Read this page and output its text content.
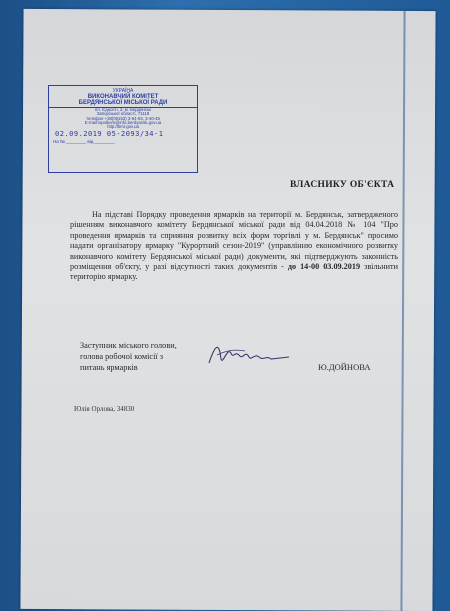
УКРАЇНА
ВИКОНАВЧИЙ КОМІТЕТ
БЕРДЯНСЬКОЇ МІСЬКОЇ РАДИ
пл. Єдності, 2, м. Бердянськ
Запорізької області, 71118
телефон +38(06153) 3-64-83, 3-40-45
E-mail:ispolkom@info.berdyansk.gov.ua
http://bmr.gov.ua
02.09.2019 05-2093/34-1
На № ________ від ________
ВЛАСНИКУ ОБ'ЄКТА
На підставі Порядку проведення ярмарків на території м. Бердянськ, затвердженого рішенням виконавчого комітету Бердянської міської ради від 04.04.2018 № 104 "Про проведення ярмарків та сприяння розвитку всіх форм торгівлі у м. Бердянськ" просимо надати організатору ярмарку "Курортний сезон-2019" (управлінню економічного розвитку виконавчого комітету Бердянської міської ради) документи, які підтверджують законність розміщення об'єкту, у разі відсутності таких документів - до 14-00 03.09.2019 звільнити територію ярмарку.
Заступник міського голови,
голова робочої комісії з
питань ярмарків	Ю.ДОЙНОВА
Юлія Орлова, 34830
